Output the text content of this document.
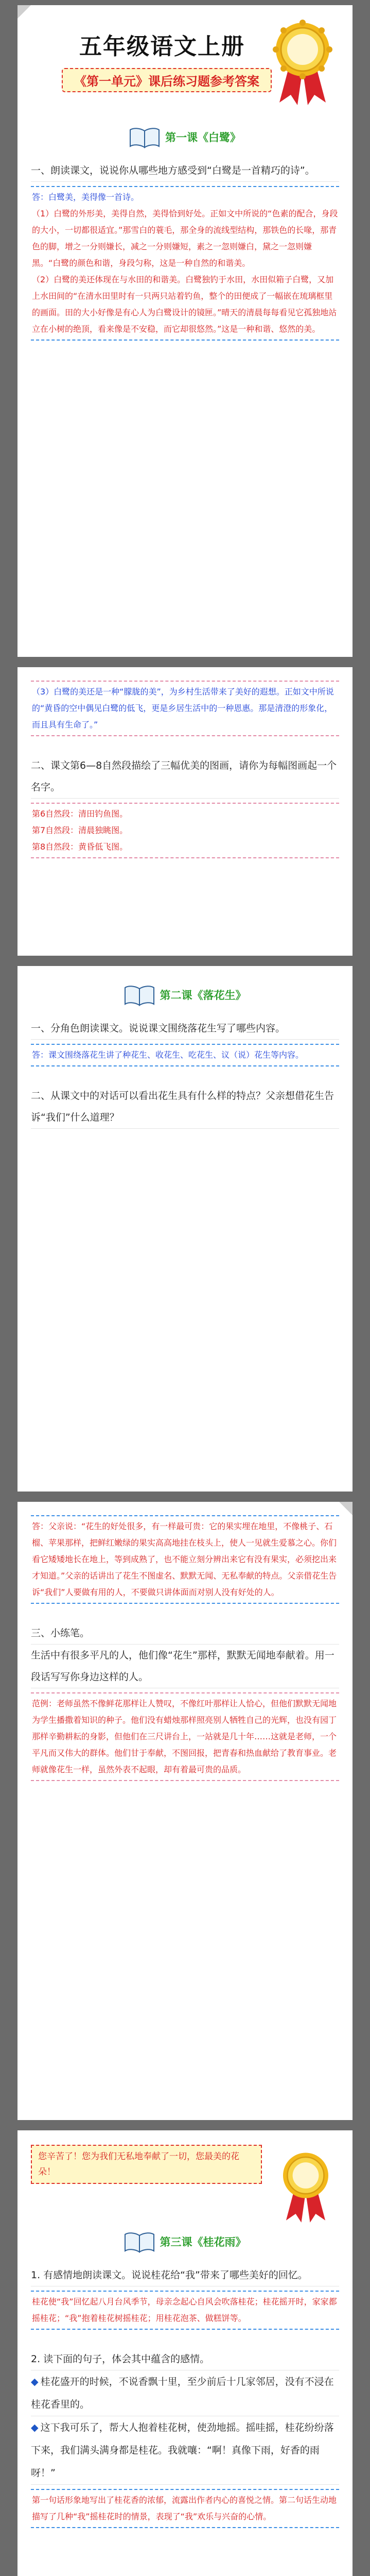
五年级语文上册
《第一单元》课后练习题参考答案
第一课《白鹭》
一、朗读课文，说说你从哪些地方感受到“白鹭是一首精巧的诗”。

答：白鹭美，美得像一首诗。

（1）白鹭的外形美，美得自然，美得恰到好处。正如文中所说的“色素的配合，身段的大小，一切都很适宜。”那雪白的蓑毛，那全身的流线型结构，那铁色的长喙，那青色的脚，增之一分则嫌长，减之一分则嫌短，素之一忽则嫌白，黛之一忽则嫌黑。“白鹭的颜色和谐，身段匀称，这是一种自然的和谐美。

（2）白鹭的美还体现在与水田的和谐美。白鹭独钓于水田，水田似箱子白鹭，又加上水田间的“在清水田里时有一只两只站着钓鱼，整个的田便成了一幅嵌在琉璃框里的画面。田的大小好像是有心人为白鹭设计的镜匣。”晴天的清晨每每看见它孤独地站立在小树的绝顶，看来像是不安稳，而它却很悠然。”这是一种和谐、悠然的美。

（3）白鹭的美还是一种“朦胧的美”，为乡村生活带来了美好的遐想。正如文中所说的“黄昏的空中偶见白鹭的低飞，更是乡居生活中的一种恩惠。那是清澄的形象化，而且具有生命了。”

二、课文第6—8自然段描绘了三幅优美的图画，请你为每幅图画起一个名字。

第6自然段：清田钓鱼图。

第7自然段：清晨独眺图。

第8自然段：黄昏低飞图。

第二课《落花生》
一、分角色朗读课文。说说课文围绕落花生写了哪些内容。

答：课文围绕落花生讲了种花生、收花生、吃花生、议（说）花生等内容。

二、从课文中的对话可以看出花生具有什么样的特点？父亲想借花生告诉“我们”什么道理？

答：父亲说：“花生的好处很多，有一样最可贵：它的果实埋在地里，不像桃子、石榴、苹果那样，把鲜红嫩绿的果实高高地挂在枝头上，使人一见就生爱慕之心。你们看它矮矮地长在地上，等到成熟了，也不能立刻分辨出来它有没有果实，必须挖出来才知道。”父亲的话讲出了花生不图虚名、默默无闻、无私奉献的特点。父亲借花生告诉“我们”人要做有用的人，不要做只讲体面而对别人没有好处的人。

三、小练笔。
生活中有很多平凡的人，他们像“花生”那样，默默无闻地奉献着。用一段话写写你身边这样的人。

范例：老师虽然不像鲜花那样让人赞叹，不像红叶那样让人恰心，但他们默默无闻地为学生播撒着知识的种子。他们没有蜡烛那样照亮别人牺牲自己的光辉，也没有园丁那样辛勤耕耘的身影，但他们在三尺讲台上，一站就是几十年……这就是老师，一个平凡而又伟大的群体。他们甘于奉献，不图回报，把青春和热血献给了教育事业。老师就像花生一样，虽然外表不起眼，却有着最可贵的品质。

您辛苦了！您为我们无私地奉献了一切，您最美的花朵！
第三课《桂花雨》
1. 有感情地朗读课文。说说桂花给“我”带来了哪些美好的回忆。

桂花使“我”回忆起八月台风季节，母亲念起心自风会吹落桂花；桂花摇开时，家家都摇桂花；“我”抱着桂花树摇桂花；用桂花泡茶、做糕饼等。

2. 读下面的句子，体会其中蕴含的感情。
◆ 桂花盛开的时候，不说香飘十里，至少前后十几家邻居，没有不浸在桂花香里的。
◆ 这下我可乐了，帮大人抱着桂花树，使劲地摇。摇哇摇，桂花纷纷落下来，我们满头满身都是桂花。我就嚷：“啊！真像下雨，好香的雨呀！”

第一句话形象地写出了桂花香的浓郁，流露出作者内心的喜悦之情。第二句话生动地描写了几种“我”摇桂花时的情景，表现了“我”欢乐与兴奋的心情。
